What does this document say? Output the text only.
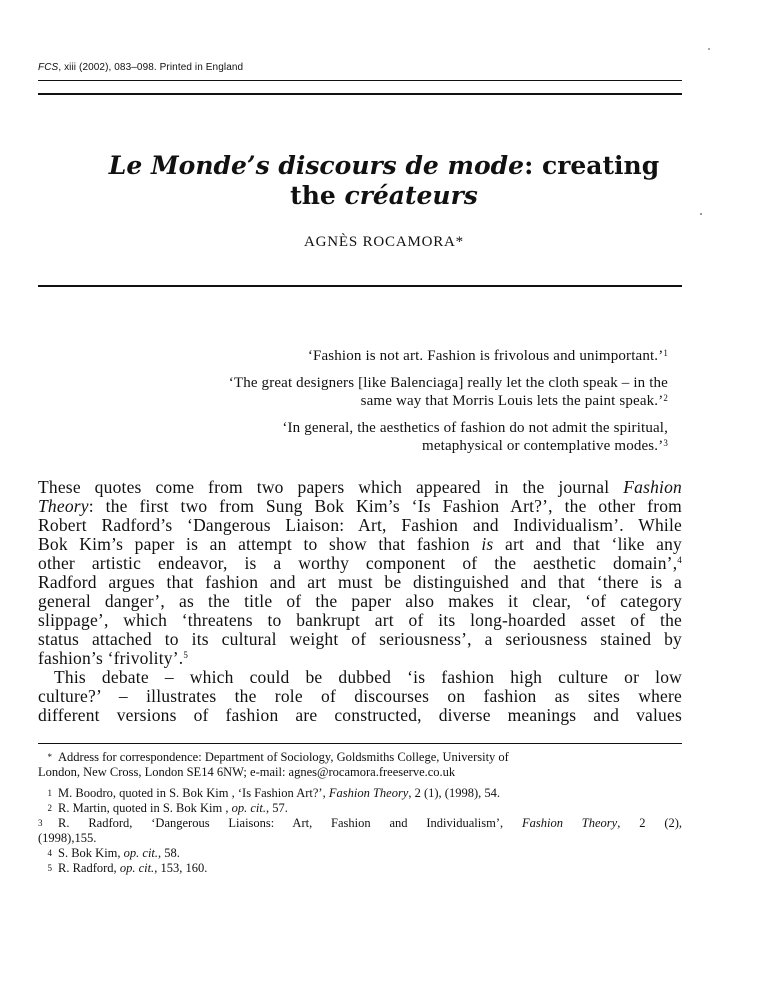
FCS, xiii (2002), 083–098. Printed in England
Le Monde’s discours de mode: creating
the créateurs
AGNÈS ROCAMORA*
‘Fashion is not art. Fashion is frivolous and unimportant.’$^1$
‘The great designers [like Balenciaga] really let the cloth speak – in the
same way that Morris Louis lets the paint speak.’$^2$
‘In general, the aesthetics of fashion do not admit the spiritual,
metaphysical or contemplative modes.’$^3$
These quotes come from two papers which appeared in the journal Fashion
Theory: the first two from Sung Bok Kim’s ‘Is Fashion Art?’, the other from
Robert Radford’s ‘Dangerous Liaison: Art, Fashion and Individualism’. While
Bok Kim’s paper is an attempt to show that fashion is art and that ‘like any
other artistic endeavor, is a worthy component of the aesthetic domain’,$^4$
Radford argues that fashion and art must be distinguished and that ‘there is a
general danger’, as the title of the paper also makes it clear, ‘of category
slippage’, which ‘threatens to bankrupt art of its long-hoarded asset of the
status attached to its cultural weight of seriousness’, a seriousness stained by
fashion’s ‘frivolity’.$^5$
This debate – which could be dubbed ‘is fashion high culture or low
culture?’ – illustrates the role of discourses on fashion as sites where
different versions of fashion are constructed, diverse meanings and values
* Address for correspondence: Department of Sociology, Goldsmiths College, University of
London, New Cross, London SE14 6NW; e-mail: agnes@rocamora.freeserve.co.uk
1 M. Boodro, quoted in S. Bok Kim , ‘Is Fashion Art?’, Fashion Theory, 2 (1), (1998), 54.
2 R. Martin, quoted in S. Bok Kim , op. cit., 57.
3 R. Radford, ‘Dangerous Liaisons: Art, Fashion and Individualism’, Fashion Theory, 2 (2),
(1998),155.
4 S. Bok Kim, op. cit., 58.
5 R. Radford, op. cit., 153, 160.
